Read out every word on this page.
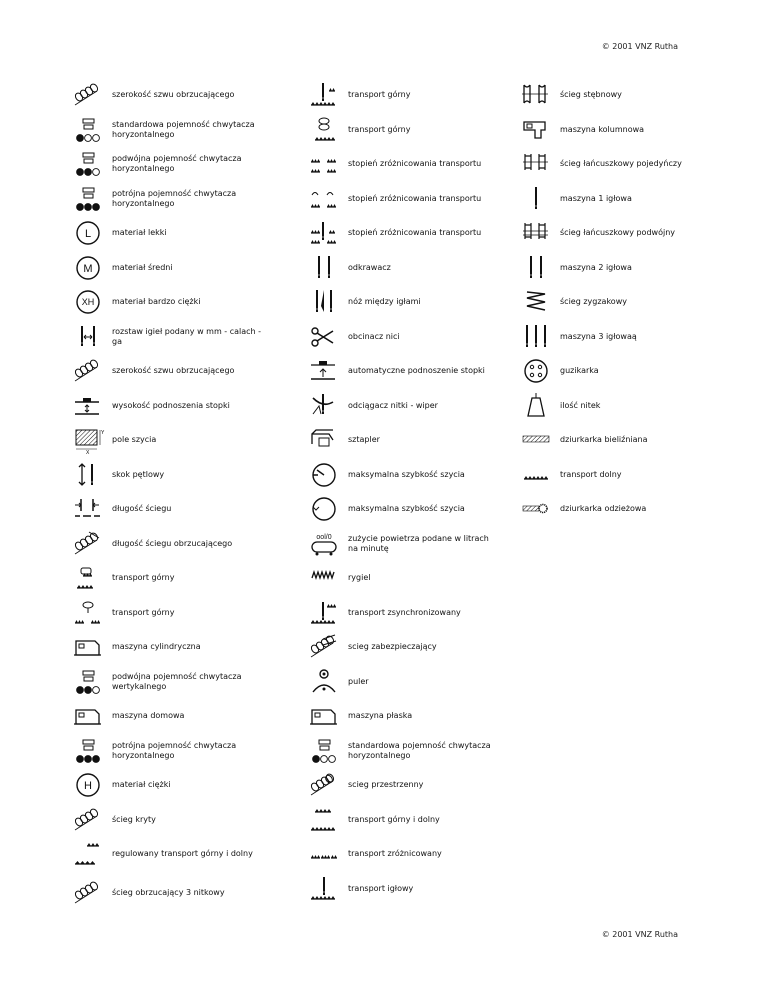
© 2001 VNZ Rutha
szerokość szwu obrzucającego
standardowa pojemność chwytacza horyzontalnego
podwójna pojemność chwytacza horyzontalnego
potrójna pojemność chwytacza horyzontalnego
L	materiał lekki
M materiał średni
XH materiał bardzo ciężki
rozstaw igieł podany w mm - calach - ga
szerokość szwu obrzucającego
wysokość podnoszenia stopki
Y
X
pole szycia
skok pętlowy
długość ściegu
długość ściegu obrzucającego
transport górny
transport górny
maszyna cylindryczna
podwójna pojemność chwytacza wertykalnego
maszyna domowa
potrójna pojemność chwytacza horyzontalnego
H	materiał ciężki
ścieg kryty
regulowany transport górny i dolny
ścieg obrzucający 3 nitkowy
transport górny
transport górny
stopień zróżnicowania transportu
stopień zróżnicowania transportu
stopień zróżnicowania transportu
odkrawacz
nóż między igłami
obcinacz nici
automatyczne podnoszenie stopki
odciągacz nitki - wiper
sztapler
maksymalna szybkość szycia
maksymalna szybkość szycia
ool/0 zużycie powietrza podane w litrach na minutę
rygiel
transport zsynchronizowany
scieg zabezpieczający
puler
maszyna płaska
standardowa pojemność chwytacza horyzontalnego
scieg przestrzenny
transport górny i dolny
transport zróżnicowany
transport igłowy
ścieg stębnowy
maszyna kolumnowa
ścieg łańcuszkowy pojedyńczy
maszyna 1 igłowa
ścieg łańcuszkowy podwójny
maszyna 2 igłowa
ścieg zygzakowy
maszyna 3 igłowaą
guzikarka
ilość nitek
dziurkarka bieliźniana
transport dolny
dziurkarka odzieżowa
© 2001 VNZ Rutha
